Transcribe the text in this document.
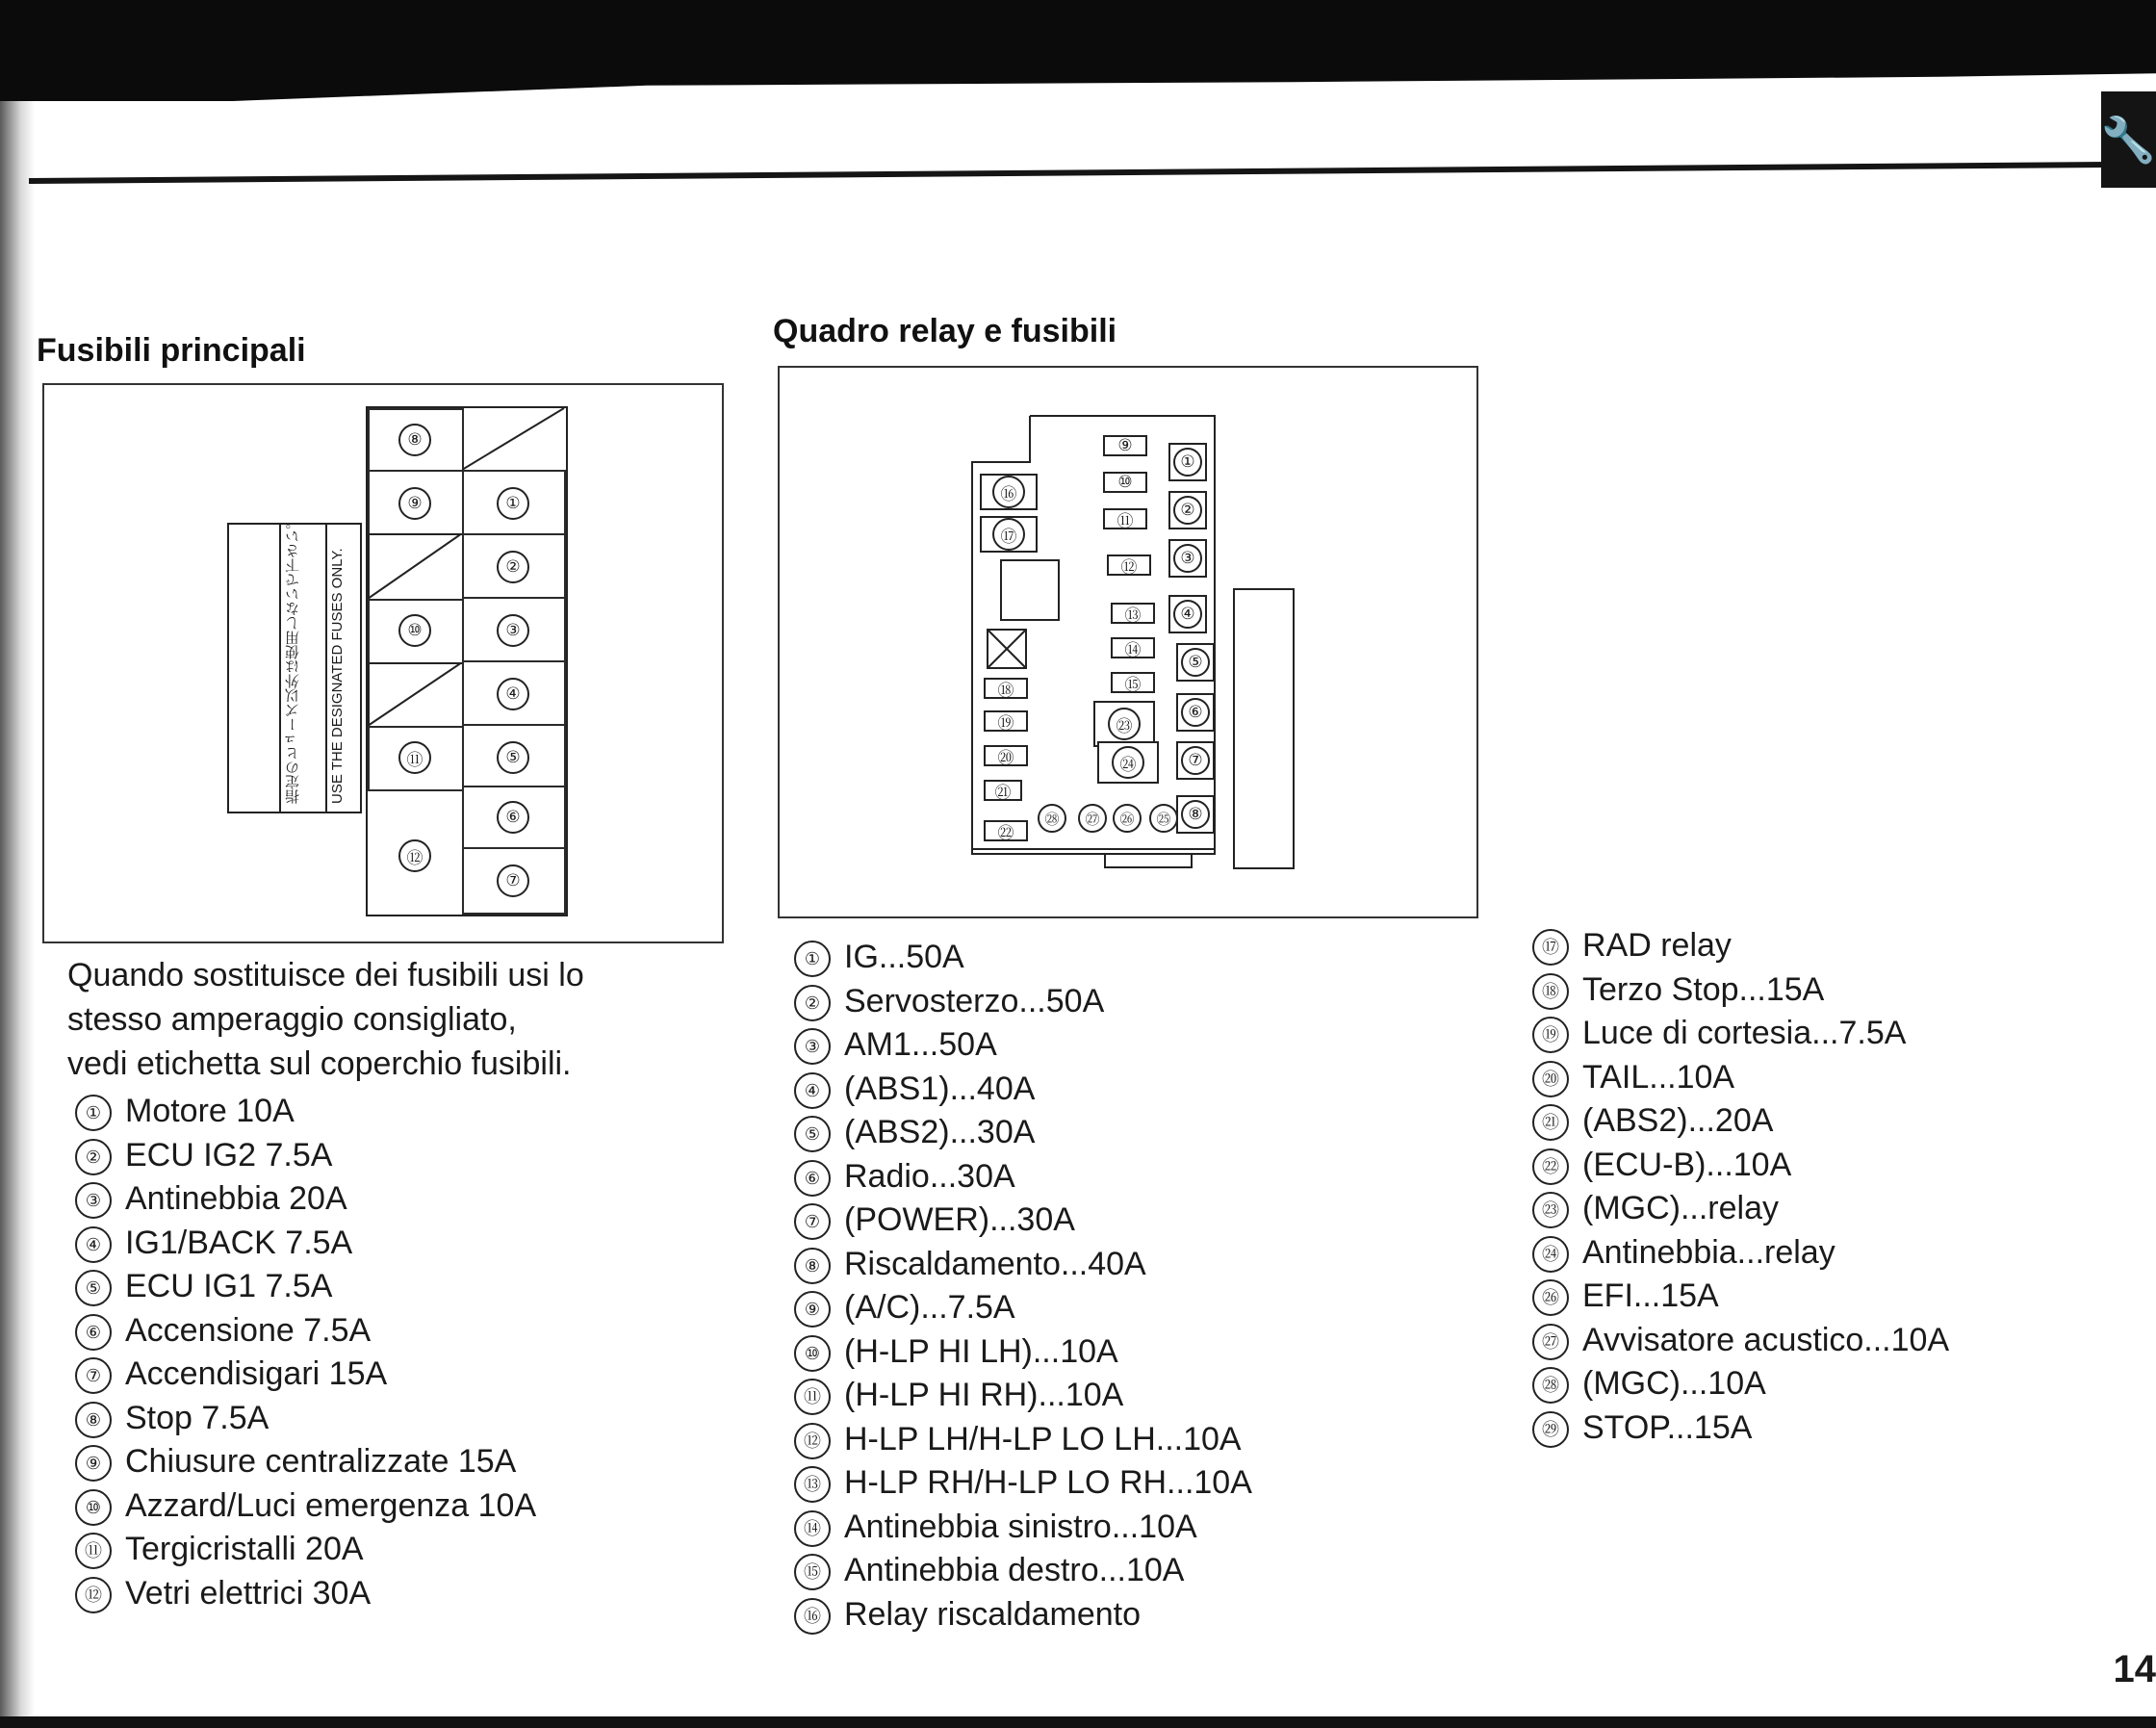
🔧
Fusibili principali
指定のヒューズ以外は使用しないで下さい。 USE THE DESIGNATED FUSES ONLY.
⑧
⑨
⑩
⑪
⑫
①
②
③
④
⑤
⑥
⑦
Quando sostituisce dei fusibili usi lo
stesso amperaggio consigliato,
vedi etichetta sul coperchio fusibili.
① Motore 10A
② ECU IG2 7.5A
③ Antinebbia 20A
④ IG1/BACK 7.5A
⑤ ECU IG1 7.5A
⑥ Accensione 7.5A
⑦ Accendisigari 15A
⑧ Stop 7.5A
⑨ Chiusure centralizzate 15A
⑩ Azzard/Luci emergenza 10A
⑪ Tergicristalli 20A
⑫ Vetri elettrici 30A
Quadro relay e fusibili
⑯
⑰
⑱
⑲
⑳
㉑
㉒
㉘	㉗	㉖	㉕
⑨
⑩
⑪
⑫
⑬
⑭
⑮
㉓
㉔
①
②
③
④
⑤
⑥
⑦
⑧
① IG...50A
② Servosterzo...50A
③ AM1...50A
④ (ABS1)...40A
⑤ (ABS2)...30A
⑥ Radio...30A
⑦ (POWER)...30A
⑧ Riscaldamento...40A
⑨ (A/C)...7.5A
⑩ (H-LP HI LH)...10A
⑪ (H-LP HI RH)...10A
⑫ H-LP LH/H-LP LO LH...10A
⑬ H-LP RH/H-LP LO RH...10A
⑭ Antinebbia sinistro...10A
⑮ Antinebbia destro...10A
⑯ Relay riscaldamento
⑰ RAD relay
⑱ Terzo Stop...15A
⑲ Luce di cortesia...7.5A
⑳ TAIL...10A
㉑ (ABS2)...20A
㉒ (ECU-B)...10A
㉓ (MGC)...relay
㉔ Antinebbia...relay
㉖ EFI...15A
㉗ Avvisatore acustico...10A
㉘ (MGC)...10A
㉙ STOP...15A
14
